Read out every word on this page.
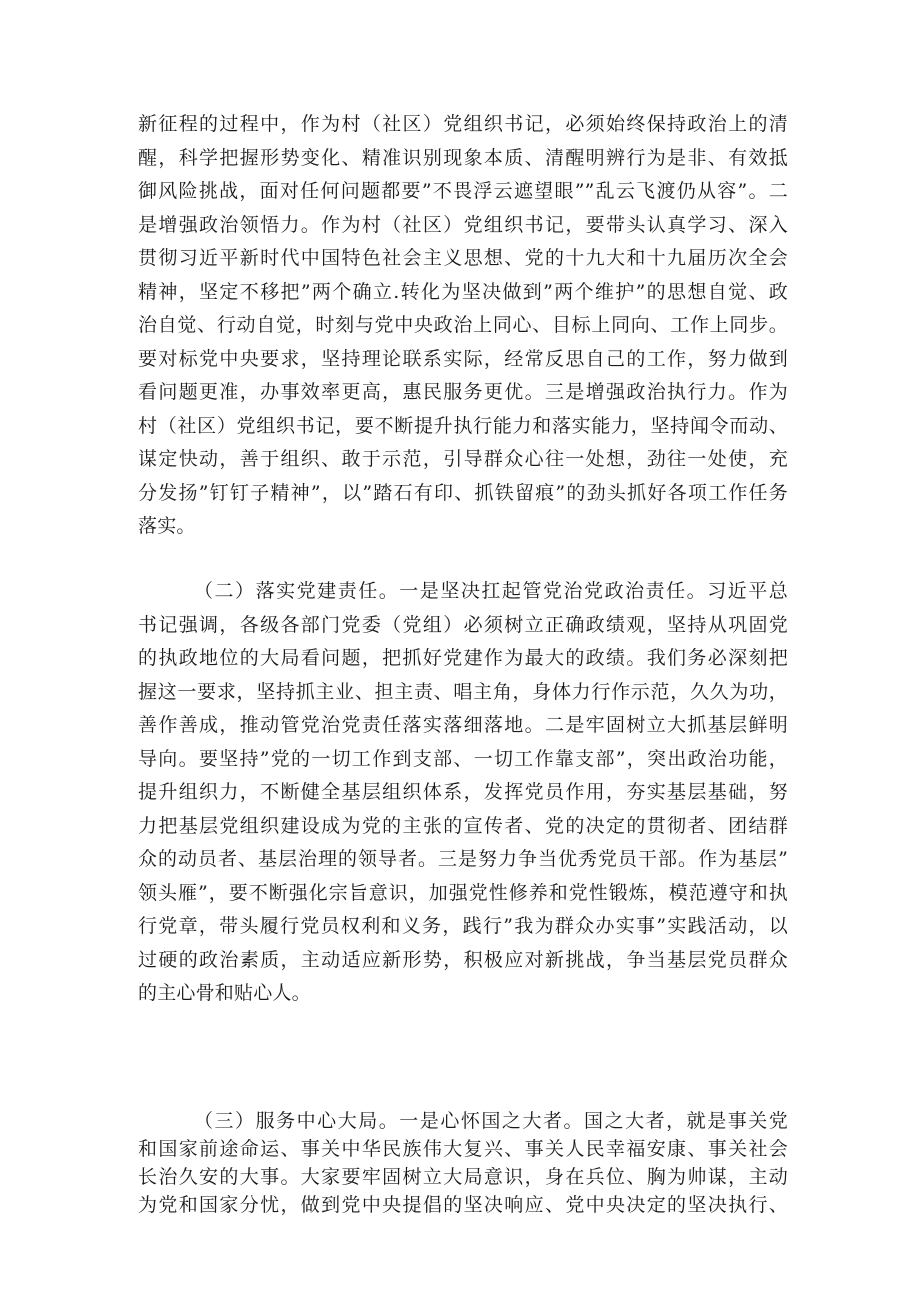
新征程的过程中，作为村（社区）党组织书记，必须始终保持政治上的清
醒，科学把握形势变化、精准识别现象本质、清醒明辨行为是非、有效抵
御风险挑战，面对任何问题都要”不畏浮云遮望眼””乱云飞渡仍从容”。二
是增强政治领悟力。作为村（社区）党组织书记，要带头认真学习、深入
贯彻习近平新时代中国特色社会主义思想、党的十九大和十九届历次全会
精神，坚定不移把”两个确立.转化为坚决做到”两个维护”的思想自觉、政
治自觉、行动自觉，时刻与党中央政治上同心、目标上同向、工作上同步。
要对标党中央要求，坚持理论联系实际，经常反思自己的工作，努力做到
看问题更准，办事效率更高，惠民服务更优。三是增强政治执行力。作为
村（社区）党组织书记，要不断提升执行能力和落实能力，坚持闻令而动、
谋定快动，善于组织、敢于示范，引导群众心往一处想，劲往一处使，充
分发扬”钉钉子精神”，以”踏石有印、抓铁留痕”的劲头抓好各项工作任务
落实。
（二）落实党建责任。一是坚决扛起管党治党政治责任。习近平总
书记强调，各级各部门党委（党组）必须树立正确政绩观，坚持从巩固党
的执政地位的大局看问题，把抓好党建作为最大的政绩。我们务必深刻把
握这一要求，坚持抓主业、担主责、唱主角，身体力行作示范，久久为功，
善作善成，推动管党治党责任落实落细落地。二是牢固树立大抓基层鲜明
导向。要坚持”党的一切工作到支部、一切工作靠支部”，突出政治功能，
提升组织力，不断健全基层组织体系，发挥党员作用，夯实基层基础，努
力把基层党组织建设成为党的主张的宣传者、党的决定的贯彻者、团结群
众的动员者、基层治理的领导者。三是努力争当优秀党员干部。作为基层”
领头雁”，要不断强化宗旨意识，加强党性修养和党性锻炼，模范遵守和执
行党章，带头履行党员权利和义务，践行”我为群众办实事”实践活动，以
过硬的政治素质，主动适应新形势，积极应对新挑战，争当基层党员群众
的主心骨和贴心人。
（三）服务中心大局。一是心怀国之大者。国之大者，就是事关党
和国家前途命运、事关中华民族伟大复兴、事关人民幸福安康、事关社会
长治久安的大事。大家要牢固树立大局意识，身在兵位、胸为帅谋，主动
为党和国家分忧，做到党中央提倡的坚决响应、党中央决定的坚决执行、
